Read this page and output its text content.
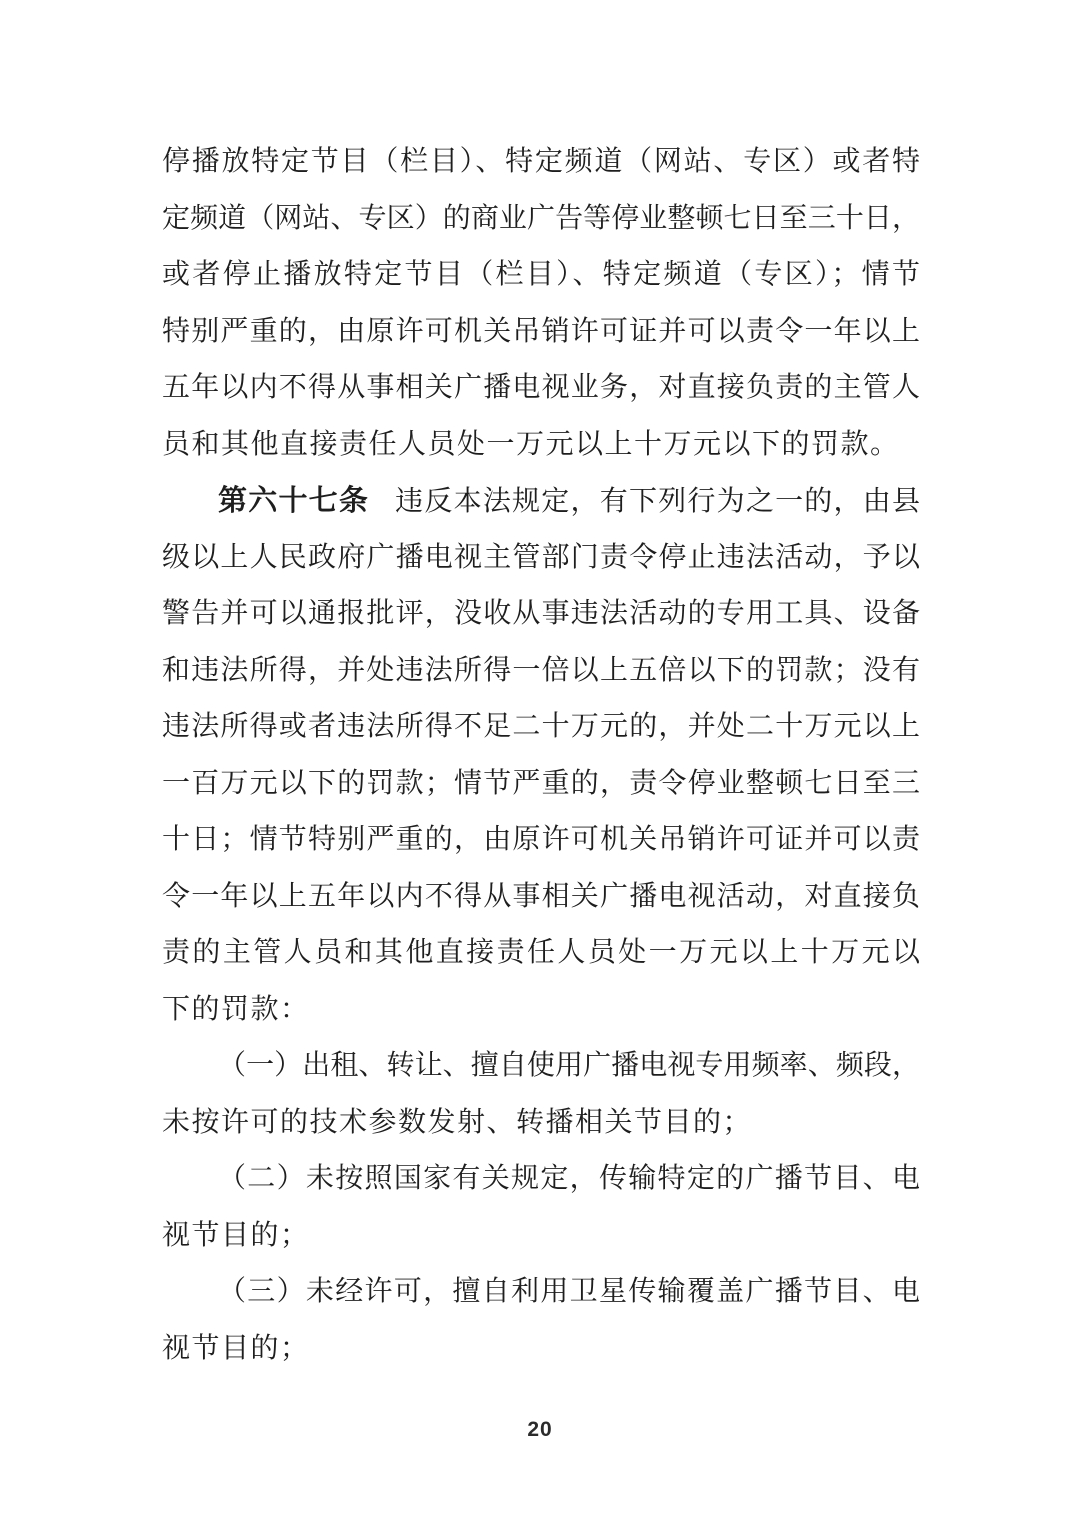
停播放特定节目（栏目）、特定频道（网站、专区）或者特
定频道（网站、专区）的商业广告等停业整顿七日至三十日，
或者停止播放特定节目（栏目）、特定频道（专区）；情节
特别严重的，由原许可机关吊销许可证并可以责令一年以上
五年以内不得从事相关广播电视业务，对直接负责的主管人
员和其他直接责任人员处一万元以上十万元以下的罚款。
第六十七条 违反本法规定，有下列行为之一的，由县
级以上人民政府广播电视主管部门责令停止违法活动，予以
警告并可以通报批评，没收从事违法活动的专用工具、设备
和违法所得，并处违法所得一倍以上五倍以下的罚款；没有
违法所得或者违法所得不足二十万元的，并处二十万元以上
一百万元以下的罚款；情节严重的，责令停业整顿七日至三
十日；情节特别严重的，由原许可机关吊销许可证并可以责
令一年以上五年以内不得从事相关广播电视活动，对直接负
责的主管人员和其他直接责任人员处一万元以上十万元以
下的罚款：
（一）出租、转让、擅自使用广播电视专用频率、频段，
未按许可的技术参数发射、转播相关节目的；
（二）未按照国家有关规定，传输特定的广播节目、电
视节目的；
（三）未经许可，擅自利用卫星传输覆盖广播节目、电
视节目的；
20
